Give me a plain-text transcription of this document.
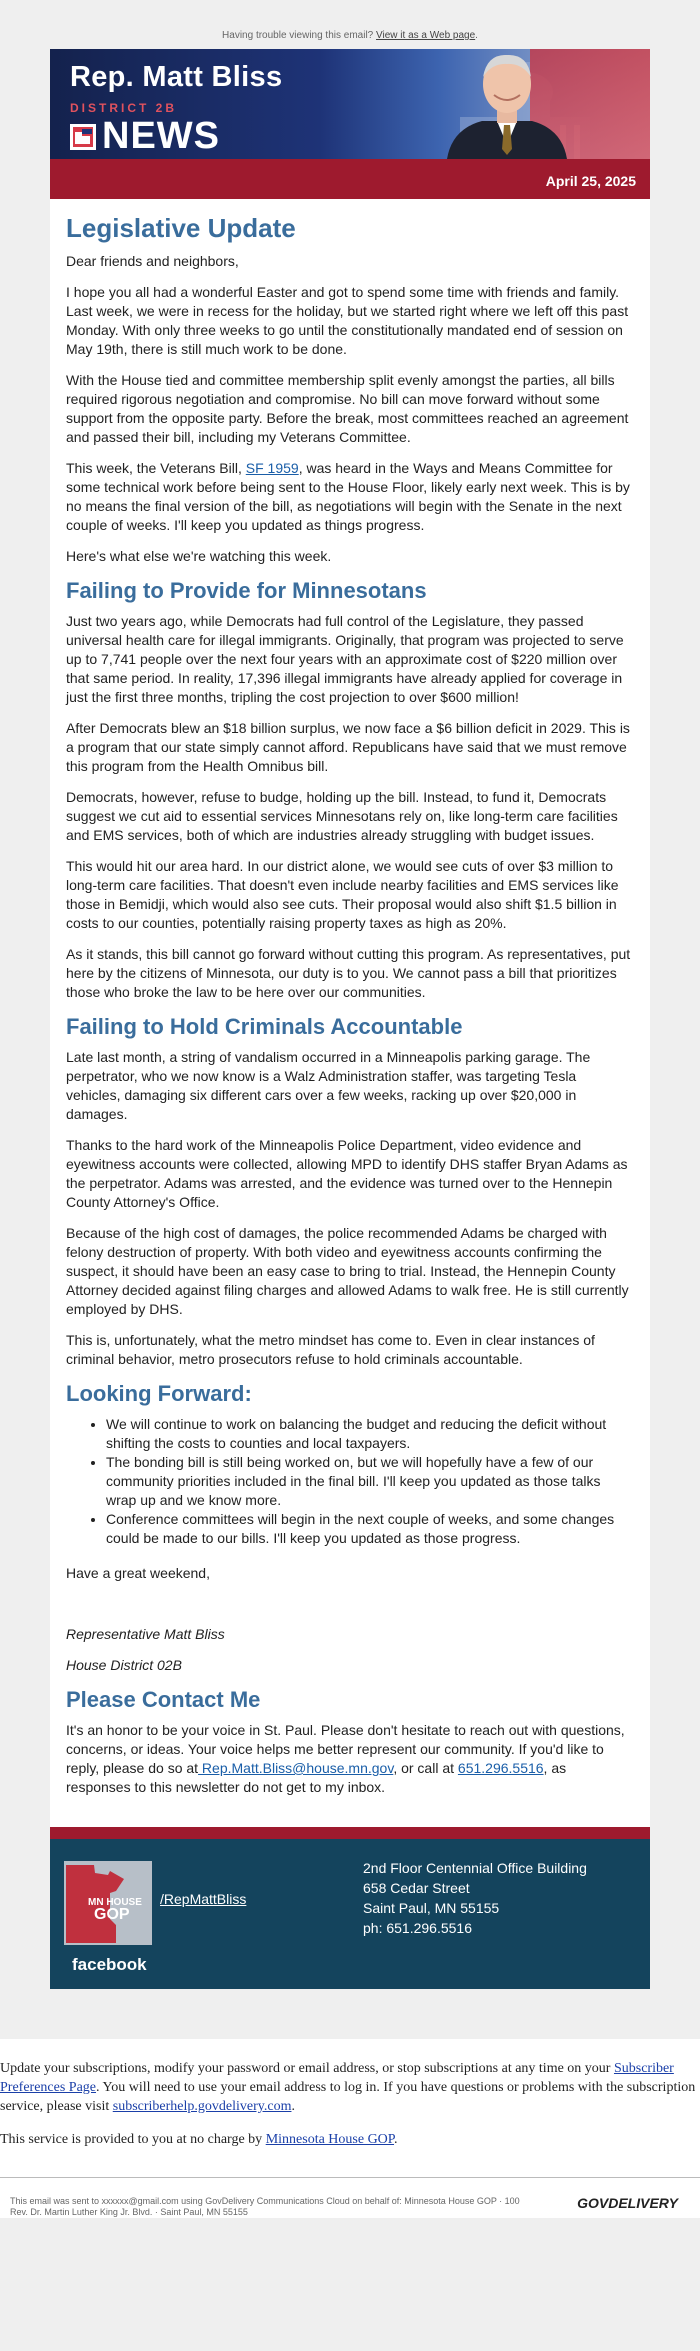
Having trouble viewing this email? View it as a Web page.
Rep. Matt Bliss
DISTRICT 2B
NEWS
April 25, 2025
Legislative Update

Dear friends and neighbors,

I hope you all had a wonderful Easter and got to spend some time with friends and family. Last week, we were in recess for the holiday, but we started right where we left off this past Monday. With only three weeks to go until the constitutionally mandated end of session on May 19th, there is still much work to be done.

With the House tied and committee membership split evenly amongst the parties, all bills required rigorous negotiation and compromise. No bill can move forward without some support from the opposite party. Before the break, most committees reached an agreement and passed their bill, including my Veterans Committee.

This week, the Veterans Bill, SF 1959, was heard in the Ways and Means Committee for some technical work before being sent to the House Floor, likely early next week. This is by no means the final version of the bill, as negotiations will begin with the Senate in the next couple of weeks. I'll keep you updated as things progress.

Here's what else we're watching this week.

Failing to Provide for Minnesotans

Just two years ago, while Democrats had full control of the Legislature, they passed universal health care for illegal immigrants. Originally, that program was projected to serve up to 7,741 people over the next four years with an approximate cost of $220 million over that same period. In reality, 17,396 illegal immigrants have already applied for coverage in just the first three months, tripling the cost projection to over $600 million!

After Democrats blew an $18 billion surplus, we now face a $6 billion deficit in 2029. This is a program that our state simply cannot afford. Republicans have said that we must remove this program from the Health Omnibus bill.

Democrats, however, refuse to budge, holding up the bill. Instead, to fund it, Democrats suggest we cut aid to essential services Minnesotans rely on, like long-term care facilities and EMS services, both of which are industries already struggling with budget issues.

This would hit our area hard. In our district alone, we would see cuts of over $3 million to long-term care facilities. That doesn't even include nearby facilities and EMS services like those in Bemidji, which would also see cuts. Their proposal would also shift $1.5 billion in costs to our counties, potentially raising property taxes as high as 20%.

As it stands, this bill cannot go forward without cutting this program. As representatives, put here by the citizens of Minnesota, our duty is to you. We cannot pass a bill that prioritizes those who broke the law to be here over our communities.

Failing to Hold Criminals Accountable

Late last month, a string of vandalism occurred in a Minneapolis parking garage. The perpetrator, who we now know is a Walz Administration staffer, was targeting Tesla vehicles, damaging six different cars over a few weeks, racking up over $20,000 in damages.

Thanks to the hard work of the Minneapolis Police Department, video evidence and eyewitness accounts were collected, allowing MPD to identify DHS staffer Bryan Adams as the perpetrator. Adams was arrested, and the evidence was turned over to the Hennepin County Attorney's Office.

Because of the high cost of damages, the police recommended Adams be charged with felony destruction of property. With both video and eyewitness accounts confirming the suspect, it should have been an easy case to bring to trial. Instead, the Hennepin County Attorney decided against filing charges and allowed Adams to walk free. He is still currently employed by DHS.

This is, unfortunately, what the metro mindset has come to. Even in clear instances of criminal behavior, metro prosecutors refuse to hold criminals accountable.

Looking Forward:
• We will continue to work on balancing the budget and reducing the deficit without shifting the costs to counties and local taxpayers.
• The bonding bill is still being worked on, but we will hopefully have a few of our community priorities included in the final bill. I'll keep you updated as those talks wrap up and we know more.
• Conference committees will begin in the next couple of weeks, and some changes could be made to our bills. I'll keep you updated as those progress.

Have a great weekend,

Representative Matt Bliss

House District 02B

Please Contact Me

It's an honor to be your voice in St. Paul. Please don't hesitate to reach out with questions, concerns, or ideas. Your voice helps me better represent our community. If you'd like to reply, please do so at Rep.Matt.Bliss@house.mn.gov, or call at 651.296.5516, as responses to this newsletter do not get to my inbox.

MN HOUSE
GOP
facebook
/RepMattBliss
2nd Floor Centennial Office Building
658 Cedar Street
Saint Paul, MN 55155
ph: 651.296.5516

Update your subscriptions, modify your password or email address, or stop subscriptions at any time on your Subscriber Preferences Page. You will need to use your email address to log in. If you have questions or problems with the subscription service, please visit subscriberhelp.govdelivery.com.

This service is provided to you at no charge by Minnesota House GOP.

This email was sent to xxxxxx@gmail.com using GovDelivery Communications Cloud on behalf of: Minnesota House GOP · 100
Rev. Dr. Martin Luther King Jr. Blvd. · Saint Paul, MN 55155
GOVDELIVERY
